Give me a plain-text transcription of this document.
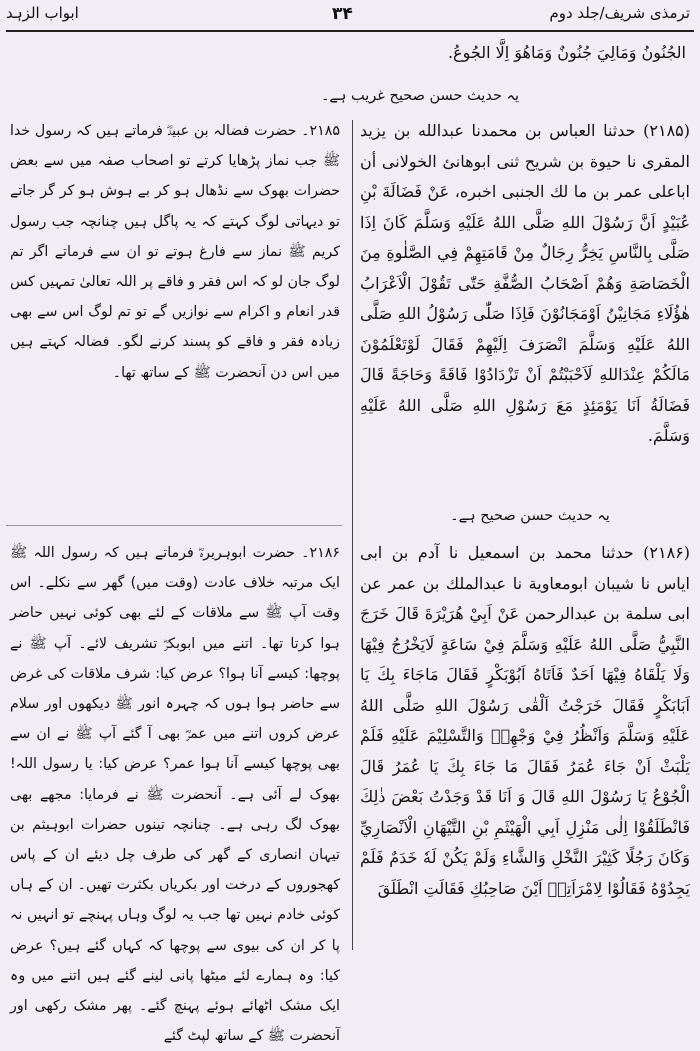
ترمذی شریف/جلد دوم
۳۴
ابواب الزہد

الجُنُونُ وَمَالِيَ جُنُونٌ وَمَاهُوَ اِلَّا الجُوعُ.

یہ حدیث حسن صحیح غریب ہے۔

(۲۱۸۵) حدثنا العباس بن محمدنا عبدالله بن يزيد المقرى نا حيوة بن شريح ثنى ابوهانئ الخولانى أن اباعلى عمر بن ما لك الجنبى اخبره، عَنْ فَضَالَةَ بْنِ عُبَيْدٍ اَنَّ رَسُوْلَ اللهِ صَلَّى اللهُ عَلَيْهِ وَسَلَّمَ كَانَ اِذَا صَلَّى بِالنَّاسِ يَخِرُّ رِجَالٌ مِنْ قَامَتِهِمْ فِي الصَّلٰوةِ مِنَ الْخَصَاصَةِ وَهُمْ اَصْحَابُ الصُّفَّةِ حَتّٰى تَقُوْلَ الْاَعْرَابُ هٰؤُلَاءِ مَجَانِيْنُ اَوْمَجَانُوْنَ فَاِذَا صَلّٰى رَسُوْلُ اللهِ صَلَّى اللهُ عَلَيْهِ وَسَلَّمَ انْصَرَفَ اِلَيْهِمْ فَقَالَ لَوْتَعْلَمُوْنَ مَالَكُمْ عِنْدَاللهِ لَاَحْبَبْتُمْ اَنْ تَزْدَادُوْا فَاقَةً وَحَاجَةً قَالَ فَضَالَةُ اَنَا يَوْمَئِذٍ مَعَ رَسُوْلِ اللهِ صَلَّى اللهُ عَلَيْهِ وَسَلَّمَ.

۲۱۸۵۔ حضرت فضالہ بن عبیدؓ فرماتے ہیں کہ رسول خدا ﷺ جب نماز پڑھایا کرتے تو اصحاب صفہ میں سے بعض حضرات بھوک سے نڈھال ہو کر بے ہوش ہو کر گر جاتے تو دیہاتی لوگ کہتے کہ یہ پاگل ہیں چنانچہ جب رسول کریم ﷺ نماز سے فارغ ہوتے تو ان سے فرماتے اگر تم لوگ جان لو کہ اس فقر و فاقے پر اللہ تعالیٰ تمہیں کس قدر انعام و اکرام سے نوازیں گے تو تم لوگ اس سے بھی زیادہ فقر و فاقے کو پسند کرنے لگو۔ فضالہ کہتے ہیں میں اس دن آنحضرت ﷺ کے ساتھ تھا۔

یہ حدیث حسن صحیح ہے۔

(۲۱۸۶) حدثنا محمد بن اسمعيل نا آدم بن ابى اياس نا شيبان ابومعاوية نا عبدالملك بن عمر عن ابى سلمة بن عبدالرحمن عَنْ اَبِيْ هُرَيْرَةَ قَالَ خَرَجَ النَّبِيُّ صَلَّى اللهُ عَلَيْهِ وَسَلَّمَ فِيْ سَاعَةٍ لَايَخْرُجُ فِيْهَا وَلَا يَلْقَاهُ فِيْهَا اَحَدٌ فَاَتَاهُ اَبُوْبَكْرٍ فَقَالَ مَاجَاءَ بِكَ يَا اَبَابَكْرٍ فَقَالَ خَرَجْتُ اَلْقٰى رَسُوْلَ اللهِ صَلَّى اللهُ عَلَيْهِ وَسَلَّمَ وَاَنْظُرُ فِيْ وَجْهِهٖ وَالتَّسْلِيْمَ عَلَيْهِ فَلَمْ يَلْبَثْ اَنْ جَاءَ عُمَرُ فَقَالَ مَا جَاءَ بِكَ يَا عُمَرُ قَالَ الْجُوْعُ يَا رَسُوْلَ اللهِ قَالَ وَ اَنَا قَدْ وَجَدْتُ بَعْضَ ذٰلِكَ فَانْطَلَقُوْا اِلٰى مَنْزِلِ اَبِي الْهَيْثَمِ بْنِ التَّيْهَانِ الْاَنْصَارِيِّ وَكَانَ رَجُلًا كَثِيْرَ النَّخْلِ وَالشَّاءِ وَلَمْ يَكُنْ لَهٗ خَدَمٌ فَلَمْ يَجِدُوْهُ فَقَالُوْا لِامْرَاَتِهٖ اَيْنَ صَاحِبُكِ فَقَالَتِ انْطَلَقَ

۲۱۸۶۔ حضرت ابوہریرہؓ فرماتے ہیں کہ رسول اللہ ﷺ ایک مرتبہ خلاف عادت (وقت میں) گھر سے نکلے۔ اس وقت آپ ﷺ سے ملاقات کے لئے بھی کوئی نہیں حاضر ہوا کرتا تھا۔ اتنے میں ابوبکرؓ تشریف لائے۔ آپ ﷺ نے پوچھا: کیسے آنا ہوا؟ عرض کیا: شرف ملاقات کی غرض سے حاضر ہوا ہوں کہ چہرہ انور ﷺ دیکھوں اور سلام عرض کروں اتنے میں عمرؓ بھی آ گئے آپ ﷺ نے ان سے بھی پوچھا کیسے آنا ہوا عمر؟ عرض کیا: یا رسول اللہ! بھوک لے آئی ہے۔ آنحضرت ﷺ نے فرمایا: مجھے بھی بھوک لگ رہی ہے۔ چنانچہ تینوں حضرات ابوہیثم بن تیہان انصاری کے گھر کی طرف چل دیئے ان کے پاس کھجوروں کے درخت اور بکریاں بکثرت تھیں۔ ان کے ہاں کوئی خادم نہیں تھا جب یہ لوگ وہاں پہنچے تو انہیں نہ پا کر ان کی بیوی سے پوچھا کہ کہاں گئے ہیں؟ عرض کیا: وہ ہمارے لئے میٹھا پانی لینے گئے ہیں اتنے میں وہ ایک مشک اٹھائے ہوئے پہنچ گئے۔ پھر مشک رکھی اور آنحضرت ﷺ کے ساتھ لپٹ گئے
